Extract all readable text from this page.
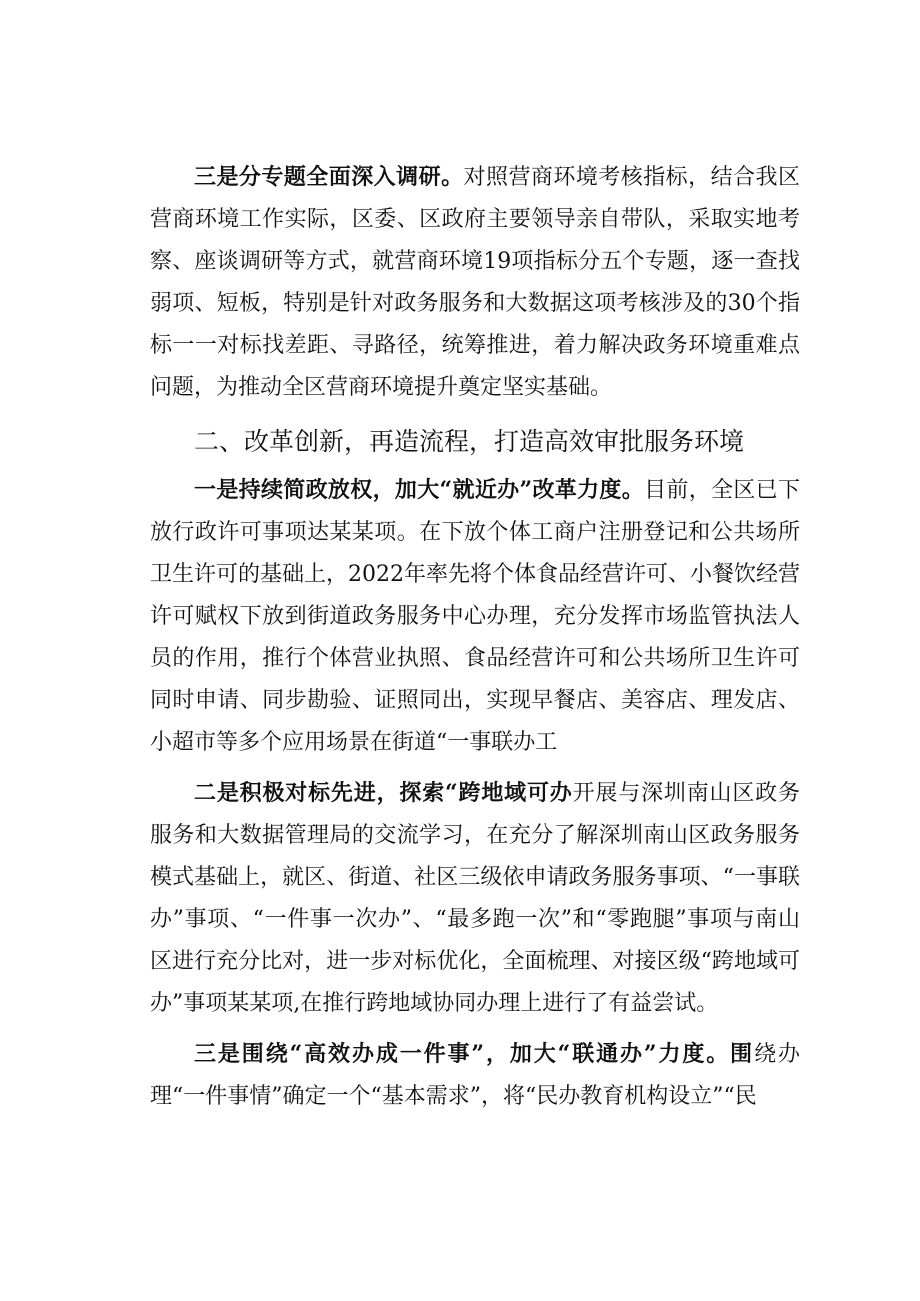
三是分专题全面深入调研。对照营商环境考核指标，结合我区营商环境工作实际，区委、区政府主要领导亲自带队，采取实地考察、座谈调研等方式，就营商环境19项指标分五个专题，逐一查找弱项、短板，特别是针对政务服务和大数据这项考核涉及的30个指标一一对标找差距、寻路径，统筹推进，着力解决政务环境重难点问题，为推动全区营商环境提升奠定坚实基础。

二、改革创新，再造流程，打造高效审批服务环境

一是持续简政放权，加大“就近办”改革力度。目前，全区已下放行政许可事项达某某项。在下放个体工商户注册登记和公共场所卫生许可的基础上，2022年率先将个体食品经营许可、小餐饮经营许可赋权下放到街道政务服务中心办理，充分发挥市场监管执法人员的作用，推行个体营业执照、食品经营许可和公共场所卫生许可同时申请、同步勘验、证照同出，实现早餐店、美容店、理发店、小超市等多个应用场景在街道“一事联办工

二是积极对标先进，探索“跨地域可办开展与深圳南山区政务服务和大数据管理局的交流学习，在充分了解深圳南山区政务服务模式基础上，就区、街道、社区三级依申请政务服务事项、“一事联办”事项、“一件事一次办”、“最多跑一次”和“零跑腿”事项与南山区进行充分比对，进一步对标优化，全面梳理、对接区级“跨地域可办”事项某某项,在推行跨地域协同办理上进行了有益尝试。

三是围绕“高效办成一件事”，加大“联通办”力度。围绕办理“一件事情”确定一个“基本需求”，将“民办教育机构设立”“民
